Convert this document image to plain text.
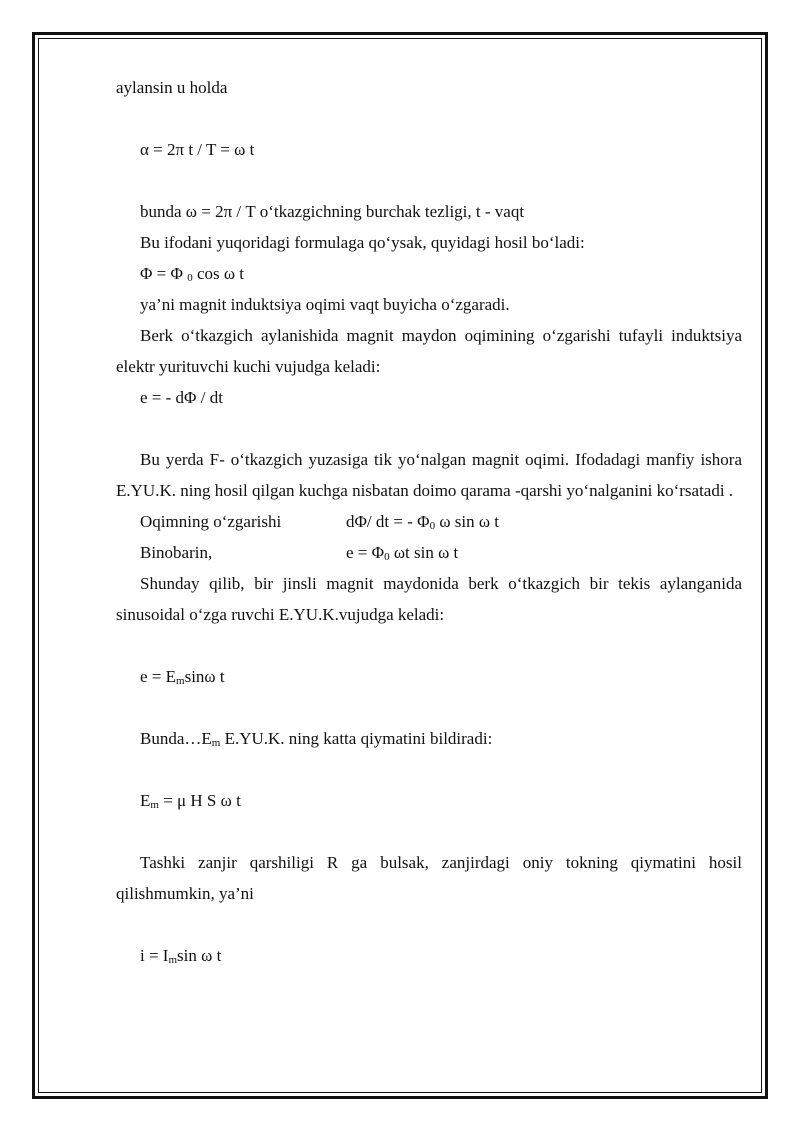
aylansin u holda

α = 2π t / T = ω t

bunda ω = 2π / T o‘tkazgichning burchak tezligi, t - vaqt

Bu ifodani yuqoridagi formulaga qo‘ysak, quyidagi hosil bo‘ladi:

Φ = Φ $_0$ cos ω t

ya’ni magnit induktsiya oqimi vaqt buyicha o‘zgaradi.

Berk o‘tkazgich aylanishida magnit maydon oqimining o‘zgarishi tufayli induktsiya elektr yurituvchi kuchi vujudga keladi:

e = - dΦ / dt

Bu yerda F- o‘tkazgich yuzasiga tik yo‘nalgan magnit oqimi. Ifodadagi manfiy ishora E.YU.K. ning hosil qilgan kuchga nisbatan doimo qarama -qarshi yo‘nalganini ko‘rsatadi .

Oqimning o‘zgarishi	dΦ/ dt = - $\Phi_0$ ω sin ω t
Binobarin,	$e = \Phi_0$ ωt sin ω t

Shunday qilib, bir jinsli magnit maydonida berk o‘tkazgich bir tekis aylanganida sinusoidal o‘zga ruvchi E.YU.K.vujudga keladi:

$e = E_m\sin\omega$ t
$Bunda\dots E_m$ E.YU.K. ning katta qiymatini bildiradi:
$E_m = \mu$ H S ω t

Tashki zanjir qarshiligi R ga bulsak, zanjirdagi oniy tokning qiymatini hosil qilishmumkin, ya’ni

$i = I_m\sin$ ω t
